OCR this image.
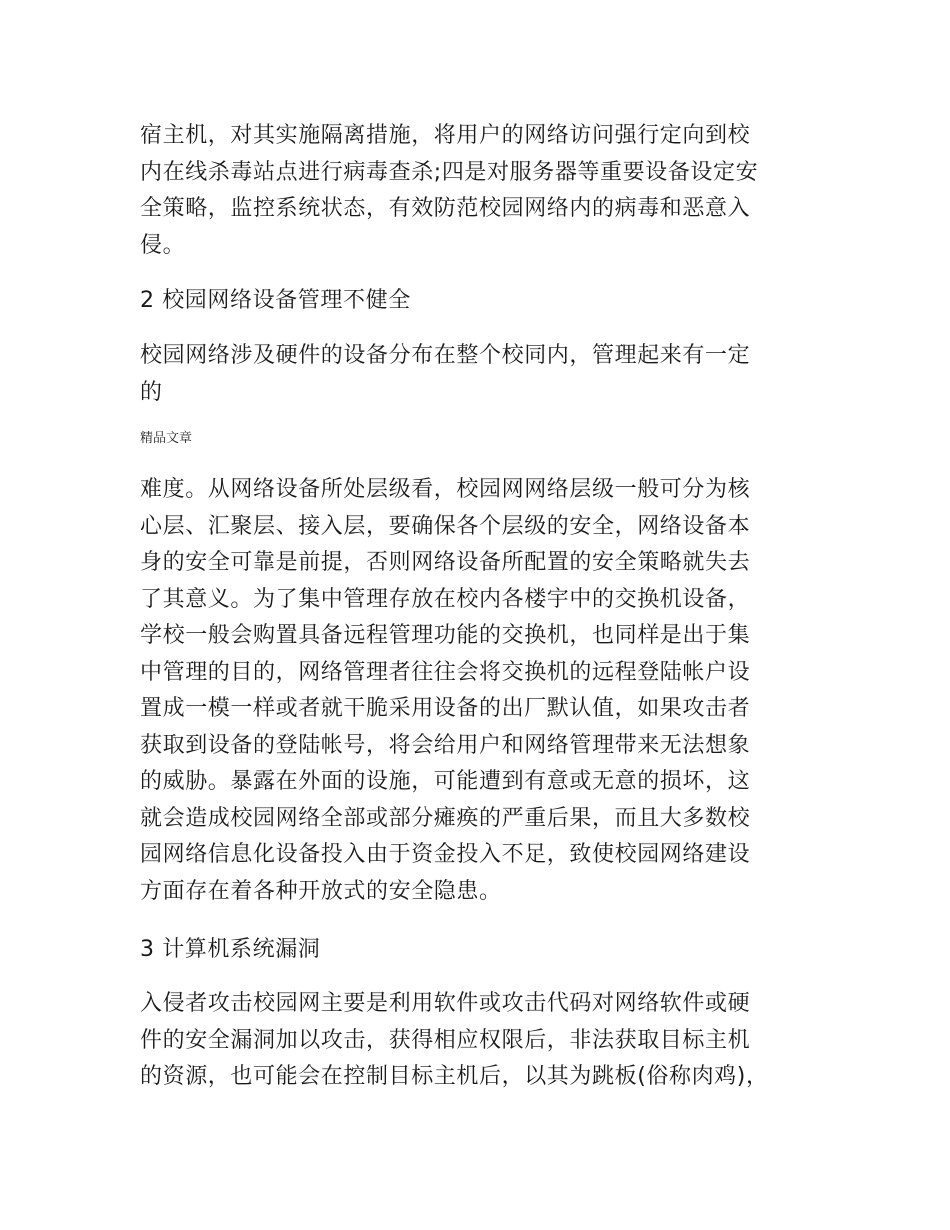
宿主机，对其实施隔离措施，将用户的网络访问强行定向到校
内在线杀毒站点进行病毒查杀;四是对服务器等重要设备设定安
全策略，监控系统状态，有效防范校园网络内的病毒和恶意入
侵。
2 校园网络设备管理不健全
校园网络涉及硬件的设备分布在整个校同内，管理起来有一定
的
精品文章
难度。从网络设备所处层级看，校园网网络层级一般可分为核
心层、汇聚层、接入层，要确保各个层级的安全，网络设备本
身的安全可靠是前提，否则网络设备所配置的安全策略就失去
了其意义。为了集中管理存放在校内各楼宇中的交换机设备，
学校一般会购置具备远程管理功能的交换机，也同样是出于集
中管理的目的，网络管理者往往会将交换机的远程登陆帐户设
置成一模一样或者就干脆采用设备的出厂默认值，如果攻击者
获取到设备的登陆帐号，将会给用户和网络管理带来无法想象
的威胁。暴露在外面的设施，可能遭到有意或无意的损坏，这
就会造成校园网络全部或部分瘫痪的严重后果，而且大多数校
园网络信息化设备投入由于资金投入不足，致使校园网络建设
方面存在着各种开放式的安全隐患。
3 计算机系统漏洞
入侵者攻击校园网主要是利用软件或攻击代码对网络软件或硬
件的安全漏洞加以攻击，获得相应权限后，非法获取目标主机
的资源，也可能会在控制目标主机后，以其为跳板(俗称肉鸡)，
